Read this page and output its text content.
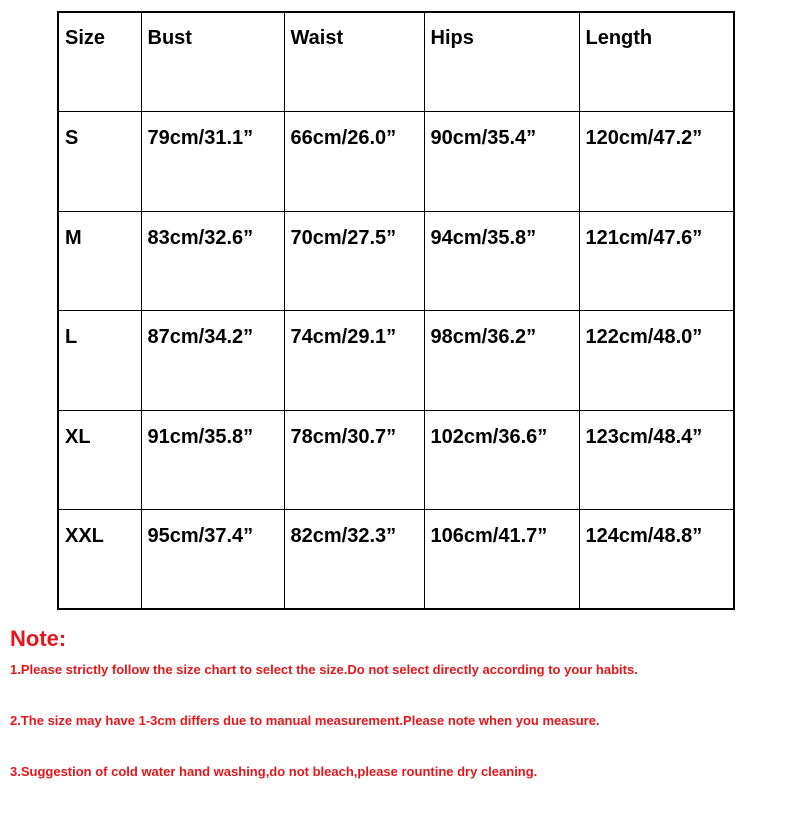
Size	Bust	Waist	Hips	Length
S	79cm/31.1”	66cm/26.0”	90cm/35.4”	120cm/47.2”
M	83cm/32.6”	70cm/27.5”	94cm/35.8”	121cm/47.6”
L	87cm/34.2”	74cm/29.1”	98cm/36.2”	122cm/48.0”
XL	91cm/35.8”	78cm/30.7”	102cm/36.6”	123cm/48.4”
XXL	95cm/37.4”	82cm/32.3”	106cm/41.7”	124cm/48.8”

Note:

1.Please strictly follow the size chart to select the size.Do not select directly according to your habits.

2.The size may have 1-3cm differs due to manual measurement.Please note when you measure.

3.Suggestion of cold water hand washing,do not bleach,please rountine dry cleaning.
